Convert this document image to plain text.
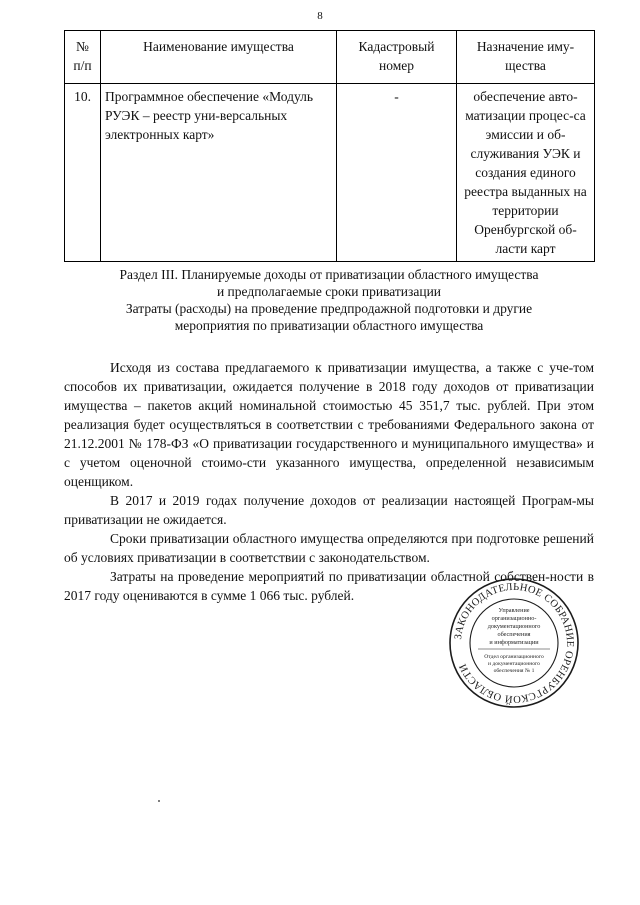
8
№ п/п	Наименование имущества	Кадастровый номер	Назначение иму-щества
10.	Программное обеспечение «Модуль РУЭК – реестр уни-версальных электронных карт»	-	обеспечение авто-матизации процес-са эмиссии и об-служивания УЭК и создания единого реестра выданных на территории Оренбургской об-ласти карт
Раздел III. Планируемые доходы от приватизации областного имущества
и предполагаемые сроки приватизации
Затраты (расходы) на проведение предпродажной подготовки и другие
мероприятия по приватизации областного имущества

Исходя из состава предлагаемого к приватизации имущества, а также с уче-том способов их приватизации, ожидается получение в 2018 году доходов от приватизации имущества – пакетов акций номинальной стоимостью 45 351,7 тыс. рублей. При этом реализация будет осуществляться в соответствии с требованиями Федерального закона от 21.12.2001 № 178-ФЗ «О приватизации государственного и муниципального имущества» и с учетом оценочной стоимо-сти указанного имущества, определенной независимым оценщиком.

В 2017 и 2019 годах получение доходов от реализации настоящей Програм-мы приватизации не ожидается.

Сроки приватизации областного имущества определяются при подготовке решений об условиях приватизации в соответствии с законодательством.

Затраты на проведение мероприятий по приватизации областной собствен-ности в 2017 году оцениваются в сумме 1 066 тыс. рублей.

ЗАКОНОДАТЕЛЬНОЕ СОБРАНИЕ ОРЕНБУРГСКОЙ ОБЛАСТИ
Управление
организационно-
документационного
обеспечения
и информатизации
Отдел организационного
и документационного
обеспечения № 1
